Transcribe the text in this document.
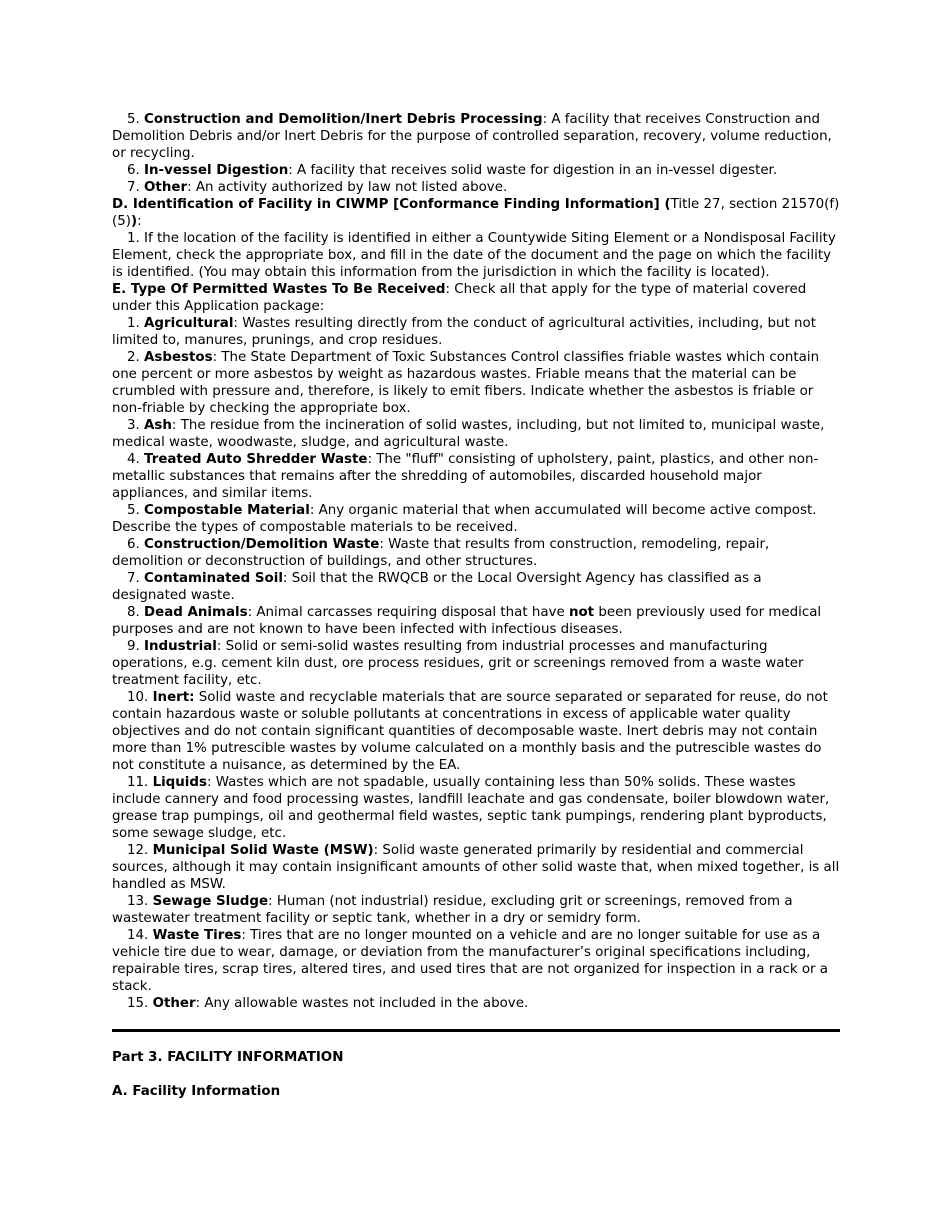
5. Construction and Demolition/Inert Debris Processing: A facility that receives Construction and Demolition Debris and/or Inert Debris for the purpose of controlled separation, recovery, volume reduction, or recycling.

6. In-vessel Digestion: A facility that receives solid waste for digestion in an in-vessel digester.

7. Other: An activity authorized by law not listed above.

D. Identification of Facility in CIWMP [Conformance Finding Information] (Title 27, section 21570(f)(5)):

1. If the location of the facility is identified in either a Countywide Siting Element or a Nondisposal Facility Element, check the appropriate box, and fill in the date of the document and the page on which the facility is identified. (You may obtain this information from the jurisdiction in which the facility is located).

E. Type Of Permitted Wastes To Be Received: Check all that apply for the type of material covered under this Application package:

1. Agricultural: Wastes resulting directly from the conduct of agricultural activities, including, but not limited to, manures, prunings, and crop residues.

2. Asbestos: The State Department of Toxic Substances Control classifies friable wastes which contain one percent or more asbestos by weight as hazardous wastes. Friable means that the material can be crumbled with pressure and, therefore, is likely to emit fibers. Indicate whether the asbestos is friable or non-friable by checking the appropriate box.

3. Ash: The residue from the incineration of solid wastes, including, but not limited to, municipal waste, medical waste, woodwaste, sludge, and agricultural waste.

4. Treated Auto Shredder Waste: The "fluff" consisting of upholstery, paint, plastics, and other non-metallic substances that remains after the shredding of automobiles, discarded household major appliances, and similar items.

5. Compostable Material: Any organic material that when accumulated will become active compost. Describe the types of compostable materials to be received.

6. Construction/Demolition Waste: Waste that results from construction, remodeling, repair, demolition or deconstruction of buildings, and other structures.

7. Contaminated Soil: Soil that the RWQCB or the Local Oversight Agency has classified as a designated waste.

8. Dead Animals: Animal carcasses requiring disposal that have not been previously used for medical purposes and are not known to have been infected with infectious diseases.

9. Industrial: Solid or semi-solid wastes resulting from industrial processes and manufacturing operations, e.g. cement kiln dust, ore process residues, grit or screenings removed from a waste water treatment facility, etc.

10. Inert: Solid waste and recyclable materials that are source separated or separated for reuse, do not contain hazardous waste or soluble pollutants at concentrations in excess of applicable water quality objectives and do not contain significant quantities of decomposable waste. Inert debris may not contain more than 1% putrescible wastes by volume calculated on a monthly basis and the putrescible wastes do not constitute a nuisance, as determined by the EA.

11. Liquids: Wastes which are not spadable, usually containing less than 50% solids. These wastes include cannery and food processing wastes, landfill leachate and gas condensate, boiler blowdown water, grease trap pumpings, oil and geothermal field wastes, septic tank pumpings, rendering plant byproducts, some sewage sludge, etc.

12. Municipal Solid Waste (MSW): Solid waste generated primarily by residential and commercial sources, although it may contain insignificant amounts of other solid waste that, when mixed together, is all handled as MSW.

13. Sewage Sludge: Human (not industrial) residue, excluding grit or screenings, removed from a wastewater treatment facility or septic tank, whether in a dry or semidry form.

14. Waste Tires: Tires that are no longer mounted on a vehicle and are no longer suitable for use as a vehicle tire due to wear, damage, or deviation from the manufacturer’s original specifications including, repairable tires, scrap tires, altered tires, and used tires that are not organized for inspection in a rack or a stack.

15. Other: Any allowable wastes not included in the above.

Part 3. FACILITY INFORMATION

A. Facility Information
